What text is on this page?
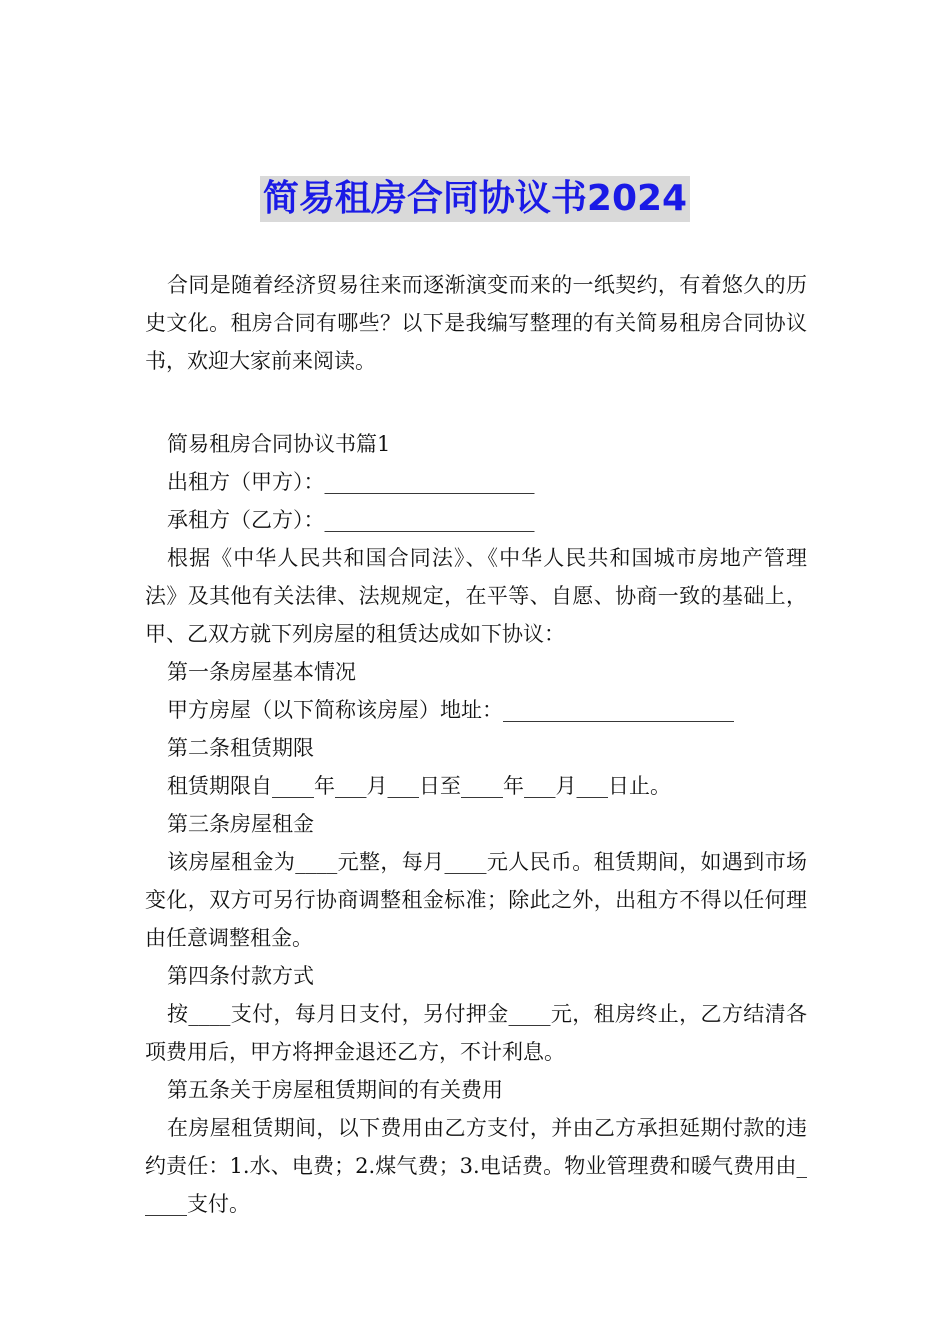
简易租房合同协议书2024

合同是随着经济贸易往来而逐渐演变而来的一纸契约，有着悠久的历史文化。租房合同有哪些？以下是我编写整理的有关简易租房合同协议书，欢迎大家前来阅读。

简易租房合同协议书篇1

出租方（甲方）：____________________

承租方（乙方）：____________________

根据《中华人民共和国合同法》、《中华人民共和国城市房地产管理法》及其他有关法律、法规规定，在平等、自愿、协商一致的基础上，甲、乙双方就下列房屋的租赁达成如下协议：

第一条房屋基本情况

甲方房屋（以下简称该房屋）地址：______________________

第二条租赁期限

租赁期限自____年___月___日至____年___月___日止。

第三条房屋租金

该房屋租金为____元整，每月____元人民币。租赁期间，如遇到市场变化，双方可另行协商调整租金标准；除此之外，出租方不得以任何理由任意调整租金。

第四条付款方式

按____支付，每月日支付，另付押金____元，租房终止，乙方结清各项费用后，甲方将押金退还乙方，不计利息。

第五条关于房屋租赁期间的有关费用

在房屋租赁期间，以下费用由乙方支付，并由乙方承担延期付款的违约责任：1.水、电费；2.煤气费；3.电话费。物业管理费和暖气费用由_____支付。
